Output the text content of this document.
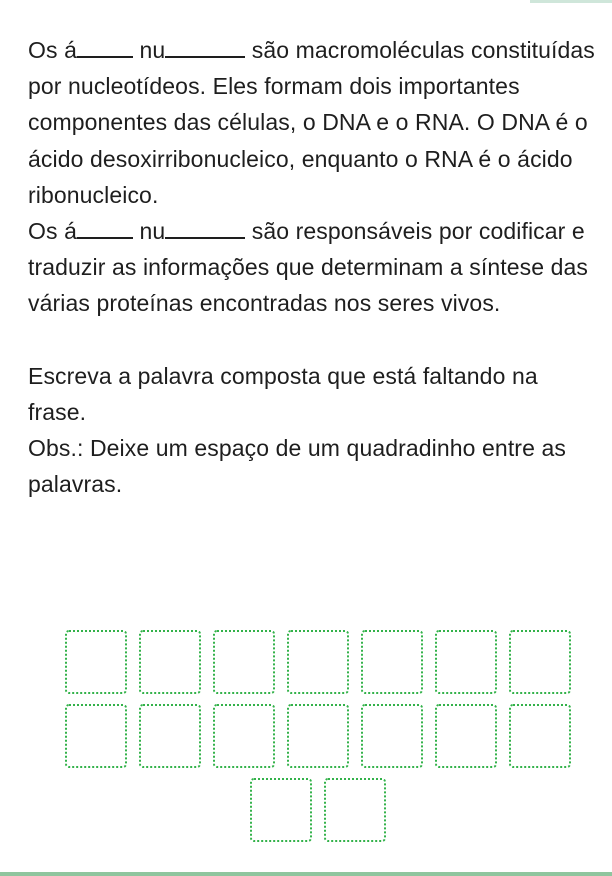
Os á nu	são macromoléculas constituídas por nucleotídeos. Eles formam dois importantes componentes das células, o DNA e o RNA. O DNA é o ácido desoxirribonucleico, enquanto o RNA é o ácido ribonucleico.

Os á nu	são responsáveis por codificar e traduzir as informações que determinam a síntese das várias proteínas encontradas nos seres vivos.

Escreva a palavra composta que está faltando na frase.

Obs.: Deixe um espaço de um quadradinho entre as palavras.
